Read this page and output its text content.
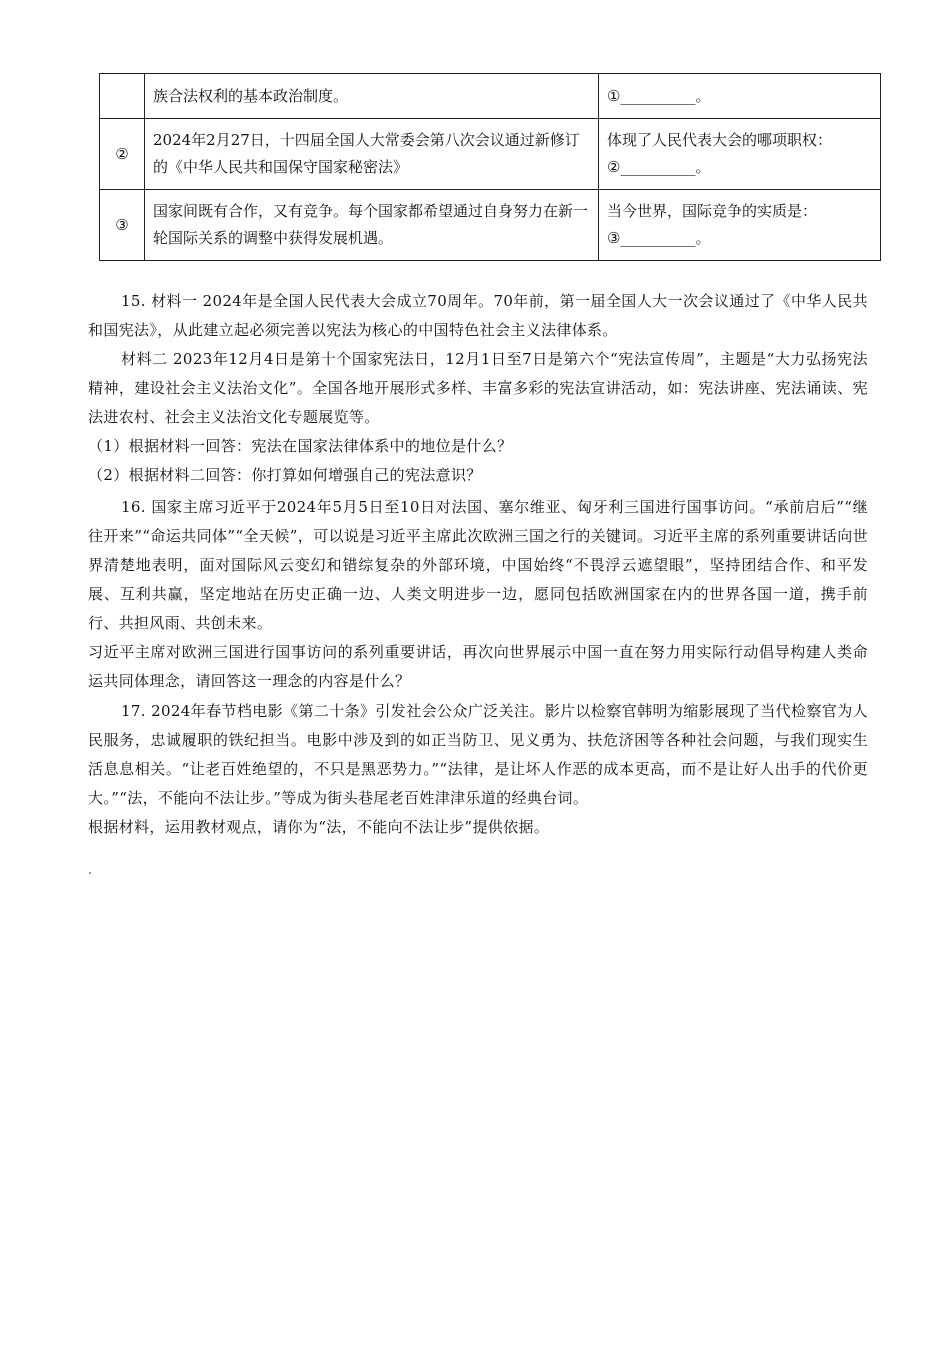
	族合法权利的基本政治制度。	①__________。

②	2024年2月27日，十四届全国人大常委会第八次会议通过新修订的《中华人民共和国保守国家秘密法》	体现了人民代表大会的哪项职权：
②__________。

③	国家间既有合作，又有竞争。每个国家都希望通过自身努力在新一轮国际关系的调整中获得发展机遇。	当今世界，国际竞争的实质是：
③__________。

15. 材料一 2024年是全国人民代表大会成立70周年。70年前，第一届全国人大一次会议通过了《中华人民共和国宪法》，从此建立起必须完善以宪法为核心的中国特色社会主义法律体系。

材料二 2023年12月4日是第十个国家宪法日，12月1日至7日是第六个“宪法宣传周”，主题是“大力弘扬宪法精神，建设社会主义法治文化”。全国各地开展形式多样、丰富多彩的宪法宣讲活动，如：宪法讲座、宪法诵读、宪法进农村、社会主义法治文化专题展览等。

（1）根据材料一回答：宪法在国家法律体系中的地位是什么？

（2）根据材料二回答：你打算如何增强自己的宪法意识？

16. 国家主席习近平于2024年5月5日至10日对法国、塞尔维亚、匈牙利三国进行国事访问。“承前启后”“继往开来”“命运共同体”“全天候”，可以说是习近平主席此次欧洲三国之行的关键词。习近平主席的系列重要讲话向世界清楚地表明，面对国际风云变幻和错综复杂的外部环境，中国始终“不畏浮云遮望眼”，坚持团结合作、和平发展、互利共赢，坚定地站在历史正确一边、人类文明进步一边，愿同包括欧洲国家在内的世界各国一道，携手前行、共担风雨、共创未来。

习近平主席对欧洲三国进行国事访问的系列重要讲话，再次向世界展示中国一直在努力用实际行动倡导构建人类命运共同体理念，请回答这一理念的内容是什么？

17. 2024年春节档电影《第二十条》引发社会公众广泛关注。影片以检察官韩明为缩影展现了当代检察官为人民服务，忠诚履职的铁纪担当。电影中涉及到的如正当防卫、见义勇为、扶危济困等各种社会问题，与我们现实生活息息相关。“让老百姓绝望的，不只是黑恶势力。”“法律，是让坏人作恶的成本更高，而不是让好人出手的代价更大。”“法，不能向不法让步。”等成为街头巷尾老百姓津津乐道的经典台词。

根据材料，运用教材观点，请你为“法，不能向不法让步”提供依据。
